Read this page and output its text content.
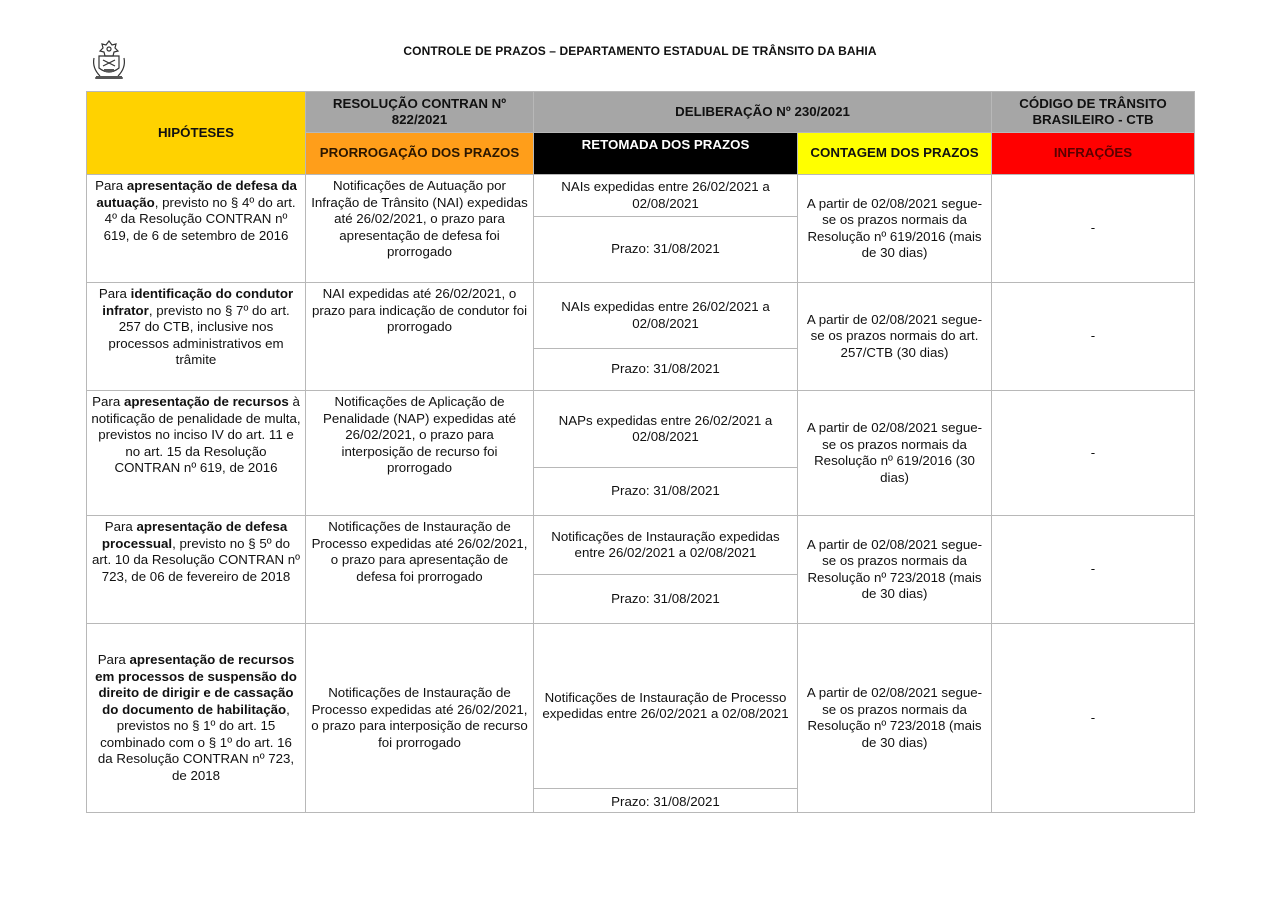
CONTROLE DE PRAZOS – DEPARTAMENTO ESTADUAL DE TRÂNSITO DA BAHIA
HIPÓTESES	RESOLUÇÃO CONTRAN Nº 822/2021	DELIBERAÇÃO Nº 230/2021		CÓDIGO DE TRÂNSITO BRASILEIRO - CTB
	PRORROGAÇÃO DOS PRAZOS	RETOMADA DOS PRAZOS	CONTAGEM DOS PRAZOS	INFRAÇÕES
Para apresentação de defesa da autuação, previsto no § 4º do art. 4º da Resolução CONTRAN nº 619, de 6 de setembro de 2016	Notificações de Autuação por Infração de Trânsito (NAI) expedidas até 26/02/2021, o prazo para apresentação de defesa foi prorrogado	NAIs expedidas entre 26/02/2021 a 02/08/2021	A partir de 02/08/2021 segue-se os prazos normais da Resolução nº 619/2016 (mais de 30 dias)	-
		Prazo: 31/08/2021		
Para identificação do condutor infrator, previsto no § 7º do art. 257 do CTB, inclusive nos processos administrativos em trâmite	NAI expedidas até 26/02/2021, o prazo para indicação de condutor foi prorrogado	NAIs expedidas entre 26/02/2021 a 02/08/2021	A partir de 02/08/2021 segue-se os prazos normais do art. 257/CTB (30 dias)	-
		Prazo: 31/08/2021		
Para apresentação de recursos à notificação de penalidade de multa, previstos no inciso IV do art. 11 e no art. 15 da Resolução CONTRAN nº 619, de 2016	Notificações de Aplicação de Penalidade (NAP) expedidas até 26/02/2021, o prazo para interposição de recurso foi prorrogado	NAPs expedidas entre 26/02/2021 a 02/08/2021	A partir de 02/08/2021 segue-se os prazos normais da Resolução nº 619/2016 (30 dias)	-
		Prazo: 31/08/2021		
Para apresentação de defesa processual, previsto no § 5º do art. 10 da Resolução CONTRAN nº 723, de 06 de fevereiro de 2018	Notificações de Instauração de Processo expedidas até 26/02/2021, o prazo para apresentação de defesa foi prorrogado	Notificações de Instauração expedidas entre 26/02/2021 a 02/08/2021	A partir de 02/08/2021 segue-se os prazos normais da Resolução nº 723/2018 (mais de 30 dias)	-
		Prazo: 31/08/2021		
Para apresentação de recursos em processos de suspensão do direito de dirigir e de cassação do documento de habilitação, previstos no § 1º do art. 15 combinado com o § 1º do art. 16 da Resolução CONTRAN nº 723, de 2018	Notificações de Instauração de Processo expedidas até 26/02/2021, o prazo para interposição de recurso foi prorrogado	Notificações de Instauração de Processo expedidas entre 26/02/2021 a 02/08/2021	A partir de 02/08/2021 segue-se os prazos normais da Resolução nº 723/2018 (mais de 30 dias)	-
		Prazo: 31/08/2021		
